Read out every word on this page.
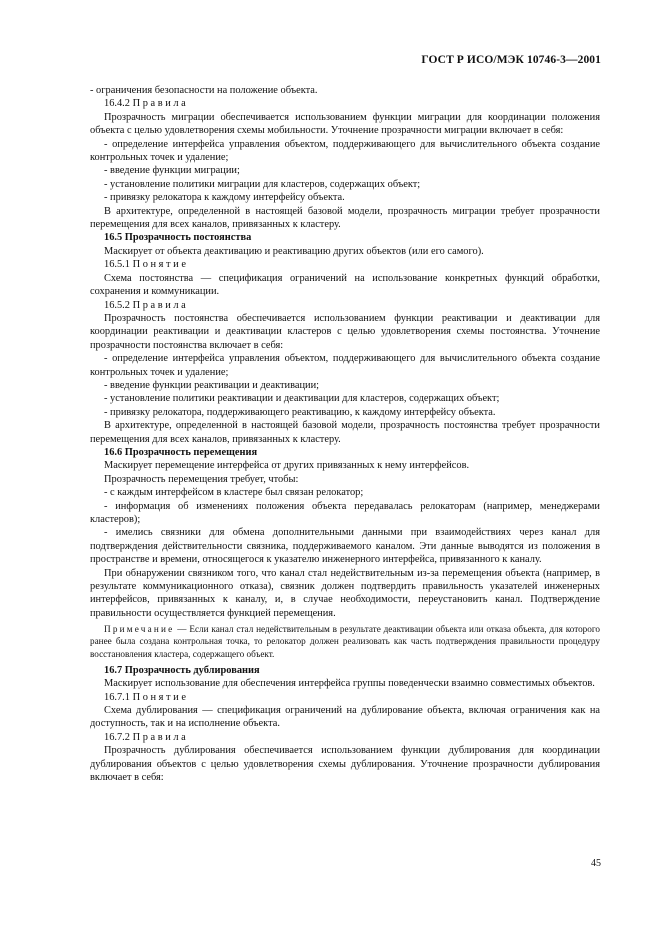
ГОСТ Р ИСО/МЭК 10746-3—2001

- ограничения безопасности на положение объекта.

16.4.2 Правила

Прозрачность миграции обеспечивается использованием функции миграции для координации положения объекта с целью удовлетворения схемы мобильности. Уточнение прозрачности миграции включает в себя:

- определение интерфейса управления объектом, поддерживающего для вычислительного объекта создание контрольных точек и удаление;

- введение функции миграции;

- установление политики миграции для кластеров, содержащих объект;

- привязку релокатора к каждому интерфейсу объекта.

В архитектуре, определенной в настоящей базовой модели, прозрачность миграции требует прозрачности перемещения для всех каналов, привязанных к кластеру.

16.5 Прозрачность постоянства

Маскирует от объекта деактивацию и реактивацию других объектов (или его самого).

16.5.1 Понятие

Схема постоянства — спецификация ограничений на использование конкретных функций обработки, сохранения и коммуникации.

16.5.2 Правила

Прозрачность постоянства обеспечивается использованием функции реактивации и деактивации для координации реактивации и деактивации кластеров с целью удовлетворения схемы постоянства. Уточнение прозрачности постоянства включает в себя:

- определение интерфейса управления объектом, поддерживающего для вычислительного объекта создание контрольных точек и удаление;

- введение функции реактивации и деактивации;

- установление политики реактивации и деактивации для кластеров, содержащих объект;

- привязку релокатора, поддерживающего реактивацию, к каждому интерфейсу объекта.

В архитектуре, определенной в настоящей базовой модели, прозрачность постоянства требует прозрачности перемещения для всех каналов, привязанных к кластеру.

16.6 Прозрачность перемещения

Маскирует перемещение интерфейса от других привязанных к нему интерфейсов.

Прозрачность перемещения требует, чтобы:

- с каждым интерфейсом в кластере был связан релокатор;

- информация об изменениях положения объекта передавалась релокаторам (например, менеджерами кластеров);

- имелись связники для обмена дополнительными данными при взаимодействиях через канал для подтверждения действительности связника, поддерживаемого каналом. Эти данные выводятся из положения в пространстве и времени, относящегося к указателю инженерного интерфейса, привязанного к каналу.

При обнаружении связником того, что канал стал недействительным из-за перемещения объекта (например, в результате коммуникационного отказа), связник должен подтвердить правильность указателей инженерных интерфейсов, привязанных к каналу, и, в случае необходимости, переустановить канал. Подтверждение правильности осуществляется функцией перемещения.

Примечание — Если канал стал недействительным в результате деактивации объекта или отказа объекта, для которого ранее была создана контрольная точка, то релокатор должен реализовать как часть подтверждения правильности процедуру восстановления кластера, содержащего объект.

16.7 Прозрачность дублирования

Маскирует использование для обеспечения интерфейса группы поведенчески взаимно совместимых объектов.

16.7.1 Понятие

Схема дублирования — спецификация ограничений на дублирование объекта, включая ограничения как на доступность, так и на исполнение объекта.

16.7.2 Правила

Прозрачность дублирования обеспечивается использованием функции дублирования для координации дублирования объектов с целью удовлетворения схемы дублирования. Уточнение прозрачности дублирования включает в себя:

45
